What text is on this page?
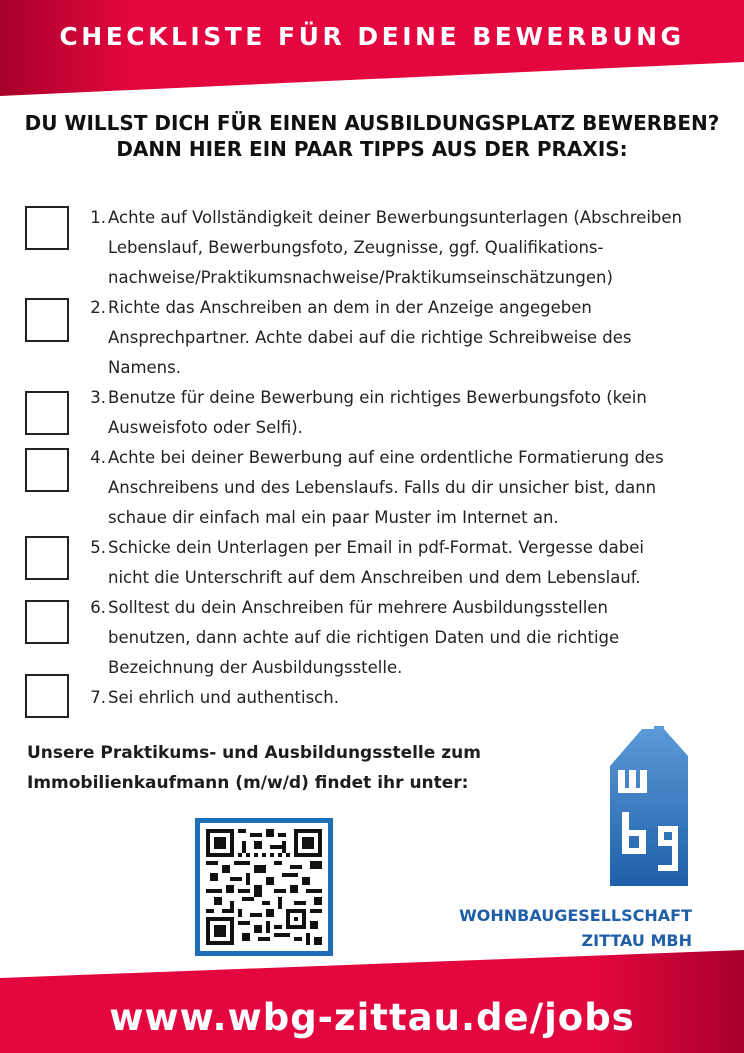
CHECKLISTE FÜR DEINE BEWERBUNG
DU WILLST DICH FÜR EINEN AUSBILDUNGSPLATZ BEWERBEN?
DANN HIER EIN PAAR TIPPS AUS DER PRAXIS:
1. Achte auf Vollständigkeit deiner Bewerbungsunterlagen (Abschreiben
Lebenslauf, Bewerbungsfoto, Zeugnisse, ggf. Qualifikations-
nachweise/Praktikumsnachweise/Praktikumseinschätzungen)
2. Richte das Anschreiben an dem in der Anzeige angegeben
Ansprechpartner. Achte dabei auf die richtige Schreibweise des
Namens.
3. Benutze für deine Bewerbung ein richtiges Bewerbungsfoto (kein
Ausweisfoto oder Selfi).
4. Achte bei deiner Bewerbung auf eine ordentliche Formatierung des
Anschreibens und des Lebenslaufs. Falls du dir unsicher bist, dann
schaue dir einfach mal ein paar Muster im Internet an.
5. Schicke dein Unterlagen per Email in pdf-Format. Vergesse dabei
nicht die Unterschrift auf dem Anschreiben und dem Lebenslauf.
6. Solltest du dein Anschreiben für mehrere Ausbildungsstellen
benutzen, dann achte auf die richtigen Daten und die richtige
Bezeichnung der Ausbildungsstelle.
7. Sei ehrlich und authentisch.
Unsere Praktikums- und Ausbildungsstelle zum
Immobilienkaufmann (m/w/d) findet ihr unter:
WOHNBAUGESELLSCHAFT
ZITTAU MBH
www.wbg-zittau.de/jobs
